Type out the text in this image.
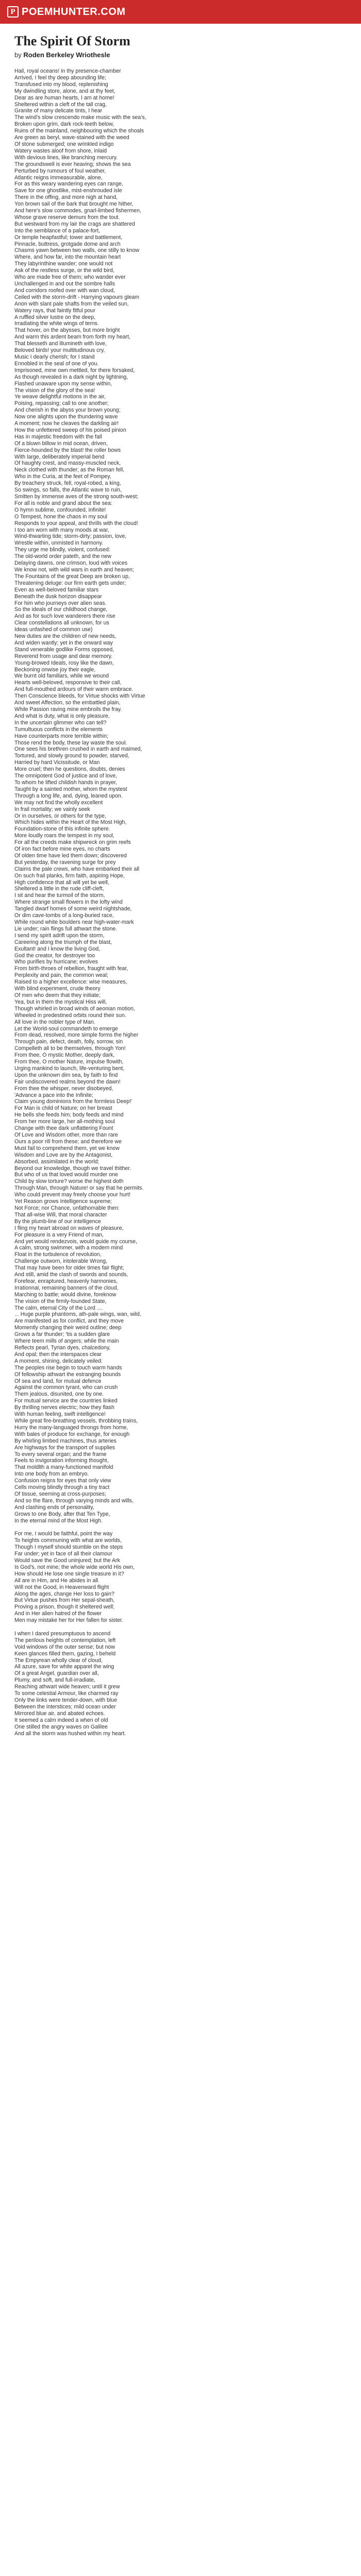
P POEMHUNTER.COM
The Spirit Of Storm
by Roden Berkeley Wriothesle
Hail, royal oceans! in thy presence-chamber
Arrived, I feel thy deep abounding life;
Transfused into my blood, replenishing
My dwindling store, alone, and at thy feet,
Dear as are human hearts, I am at home!
Sheltered within a cleft of the tall crag,
Granite of many delicate tints, I hear
The wind's slow crescendo make music with the sea's,
Broken upon grim, dark rock-teeth below,
Ruins of the mainland, neighbouring which the shoals
Are green as beryl, wave-stained with the weed
Of stone submerged; one wrinkled indigo
Watery wastes aloof from shore, inlaid
With devious lines, like branching mercury.
The groundswell is ever heaving; shows the sea
Perturbed by rumours of foul weather,
Atlantic reigns immeasurable, alone,
For as this weary wandering eyes can range,
Save for one ghostlike, mist-enshrouded isle
There in the offing, and more nigh at hand,
Yon brown sail of the bark that brought me hither,
And here's slow commodes, gnarl-limbed fishermen,
Whose grave reserve demurs from the tout.
But westward from my lair the crags are shattered
Into the semblance of a palace-fort,
Or temple heapfastful; tower and battlement,
Pinnacle, buttress, grotgade dome and arch
Chasms yawn between two walls, one stilly to know
Where, and how far, into the mountain heart
They labyrinthine wander; one would not
Ask of the restless surge, or the wild bird,
Who are made free of them; who wander ever
Unchallenged in and out the sombre halls
And corridors roofed over with wan cloud,
Ceiled with the storm-drift - Harrying vapours gleam
Anon with slant pale shafts from the veiled sun,
Watery rays, that faintly fitful pour
A ruffled silver lustre on the deep,
Irradiating the white wings of terns.
That hover, on the abysses, but more bright
And warm this ardent beam from forth my heart,
That blesseth and illumineth with love,
Beloved birds! your multitudinous cry,
Music I dearly cherish; for I stand
Ennobled in the seal of one of you.
Imprisoned, mine own mettled, for there forsaked,
As though revealed in a dark night by lightning,
Flashed unaware upon my sense within,
The vision of the glory of the sea!
Ye weave delightful motions in the air,
Poising, repassing; call to one another;
And cherish in the abyss your brown young;
Now one alights upon the thundering wave
A moment; now he cleaves the darkling air!
How the unfettered sweep of his poised pinion
Has in majestic freedom with the fall
Of a bluwn billow in mid ocean, driven,
Fierce-hounded by the blast! the roller bows
With large, deliberately imperial bend
Of haughty crest, and massy-muscled neck,
Neck clothed with thunder; as the Roman fell,
Who in the Curia, at the feet of Pompey,
By treachery struck, fell, royal-robed, a king,
So swings, so falls, the Atlantic wave to ruin,
Smitten by immense aves of the strong south-west;
For all is noble and grand about the sea:
O hymn sublime, confounded, infinite!
O Tempest, hone the chaos in my soul
Responds to your appeal, and thrills with the cloud!
I too am worn with many moods at war,
Wind-thwarting tide; storm-dirty; passion, love,
Wrestle within, unmisted in harmony.
They urge me blindly, violent, confused:
The old-world order pateth, and the new
Delaying dawns, one crimson, loud with voices
We know not, with wild wars in earth and heaven;
The Fountains of the great Deep are broken up,
Threatening deluge: our firm earth gets under;
Even as well-beloved familiar stars
Beneath the dusk horizon disappear
For him who journeys over alien seas.
So the ideals of our childhood change,
And as for such love wanderers there rise
Clear constellations all unknown, for us
Ideas unfashed of common use)
New duties are the children of new needs,
And widen wantly; yet in the onward way
Stand venerable godlike Forms opposed,
Reverend from usage and dear memory.
Young-browed Ideals, rosy like the dawn,
Beckoning onwise joy their eagle,
We burnt old familiars, while we wound
Hearts well-beloved, responsive to their call,
And full-mouthed ardours of their warm embrace.
Then Conscience bleeds, for Virtue shocks with Virtue
And sweet Affection, so the embattled plain,
While Passion raving mine embroils the fray.
And what is duty, what is only pleasure,
In the uncertain glimmer who can tell?
Tumultuous conflicts in the elements
Have counterparts more terrible within;
Those rend the body, these lay waste the soul.
One sees his brethren crushed in earth and maimed,
Tortured, and slowly ground to powder, starved,
Harried by hard Vicissitude, or Man
More cruel; then he questions, doubts, denies
The omnipotent God of justice and of love,
To whom he lifted childish hands in prayer,
Taught by a sainted mother, whom the mystest
Through a long life, and, dying, leaned upon.
We may not find the wholly excellent
In frail mortality; we vainly seek
Or in ourselves, or others for the type,
Which hides within the Heart of the Most High,
Foundation-stone of this infinite sphere.
More loudly roars the tempest in my soul,
For all the creeds make shipwreck on grim reefs
Of iron fact before mine eyes, no charts
Of olden time have led them down; discovered
But yesterday, the ravening surge for prey
Claims the pale crews, who have embarked their all
On such frail planks, firm faith, aspiring Hope,
High confidence that all will yet be well,
Sheltered a little in the rude cliff-cleft,
I sit and hear the turmoil of the storm,
Where strange small flowers in the lofty wind
Tangled dwarf homes of some weird nightshade,
Or dim cave-tombs of a long-buried race,
While round white boulders near high-water-mark
Lie under; rain flings full athwart the stone.
I send my spirit adrift upon the storm,
Careering along the triumph of the blast,
Exultant! and I know the living God,
God the creator, for destroyer too
Who purifies by hurricane; evolves
From birth-throes of rebellion, fraught with fear,
Perplexity and pain, the common weal;
Raised to a higher excellence: wise measures,
With blind experiment, crude theory
Of men who deem that they initiate;
Yea, but in them the mystical Hiss will,
Though whirled in broad winds of aeonian motion,
Wheeled in predestined orbits round their sun.
All love in the nobler type of Man.
Let the World-soul commandeth to emerge
From dead, resolved, more simple forms the higher
Through pain, defect, death, folly, sorrow, sin
Compelleth all to be themselves, through Yon!
From thee, O mystic Mother, deeply dark,
From thee, O mother Nature, impulse flowith,
Urging mankind to launch, life-venturing bent,
Upon the unknown dim sea, by faith to find
Fair undiscovered realms beyond the dawn!
From thee the whisper, never disobeyed,
'Advance a pace into the Infinite;
Claim young dominions from the formless Deep!'
For Man is child of Nature; on her breast
He bells she feeds him; body feeds and mind
From her more large, her all-mothing soul
Change with thee dark unflattering Fount
Of Love and Wisdom other, more than rare
Ours a poor rill from these; and therefore we
Must fail to comprehend them, yet we know
Wisdom and Love are by the Antagonist,
Absorbed, assimilated in the world;
Beyond our knowledge, though we travel thither.
But who of us that loved would murder one
Child by slow torture? worse the highest doth
Through Man, through Nature! or say that he permits.
Who could prevent may freely choose your hurt!
Yet Reason grows Intelligence supreme;
Not Force; nor Chance, unfathomable then:
That all-wise Will, that moral character
By the plumb-line of our intelligence
I fling my heart abroad on waves of pleasure,
For pleasure is a very Friend of man,
And yet would rendezvois, would guide my course,
A calm, strong swimmer, with a modern mind
Float in the turbulence of revolution,
Challenge outworn, intolerable Wrong,
That may have been for older times fair flight;
And still, amid the clash of swords and sounds,
Forefear, enraptured, heavenly harmonies,
Irrationnal, remaining banners of the cloud,
Marching to battle; would divine, foreknow
The vision of the firmly-founded State,
The calm, eternal City of the Lord ....
... Huge purple phantoms, ath-pale wings, wan, wild,
Are manifested as for conflict, and they move
Momently changing their weird outline; deep
Grows a far thunder; 'tis a sudden glare
Where teem mills of angers; while the main
Reflects pearl, Tyrian dyes, chalcedony,
And opal; then the interspaces clear
A moment, shining, delicately veiled:
The peoples rise begin to touch warm hands
Of fellowship athwart the estranging bounds
Of sea and land, for mutual defence
Against the common tyrant, who can crush
Them jealous, disunited, one by one.
For mutual service are the countries linked
By thrilling nerves electric; how they flash
With human feeling, swift intelligence!
While great fire-breathing vessels, throbbing trains,
Hurry the many-languaged throngs from home,
With bales of produce for exchange, for enough
By whirling limbed machines, thus arteries
Are highways for the transport of supplies
To every several organ; and the frame
Feels to invigoration informing thought,
That moldlth a many-functioned manifold
Into one body from an embryo.
Confusion reigns for eyes that only view
Cells moving blindly through a tiny tract
Of tissue, seeming at cross-purposes;
And so the flare, through varying minds and wills,
And clashing ends of personality,
Grows to one Body, after that Ten Type,
In the eternal mind of the Most High.
For me, I would be faithful, point the way
To heights communing with what are worlds,
Though I myself should stumble on the steps
Far under; yet in face of all their clamour
Would save the Good uninjured; but the Ark
Is God's, not mine; the whole wide world His own,
How should He lose one single treasure in it?
All are in Him, and He abides in all.
Will not the Good, in Heavenward flight
Along the ages, change Her loss to gain?
But Virtue pushes from Her sepal-sheath,
Proving a prison, though it sheltered well;
And in Her alien hatred of the flower
Men may mistake her for Her fallen for sister.
I when I dared presumptuous to ascend
The perilous heights of contemplation, left
Void windows of the outer sense; but now
Keen glances filled them, gazing, I beheld
The Empyrean wholly clear of cloud,
All azure, save for white apparel the wing
Of a great Angel, guardian over all,
Plumy, and soft, and full-irradiate,
Reaching athwart wide heaven; until it grew
To some celestial Armour, like charmed ray
Only the links were tender-down, with blue
Between the interstices; mild ocean under
Mirrored blue air, and abated echoes.
It seemed a calm indeed a when of old
One stilled the angry waves on Galilee
And all the storm was hushed within my heart.
